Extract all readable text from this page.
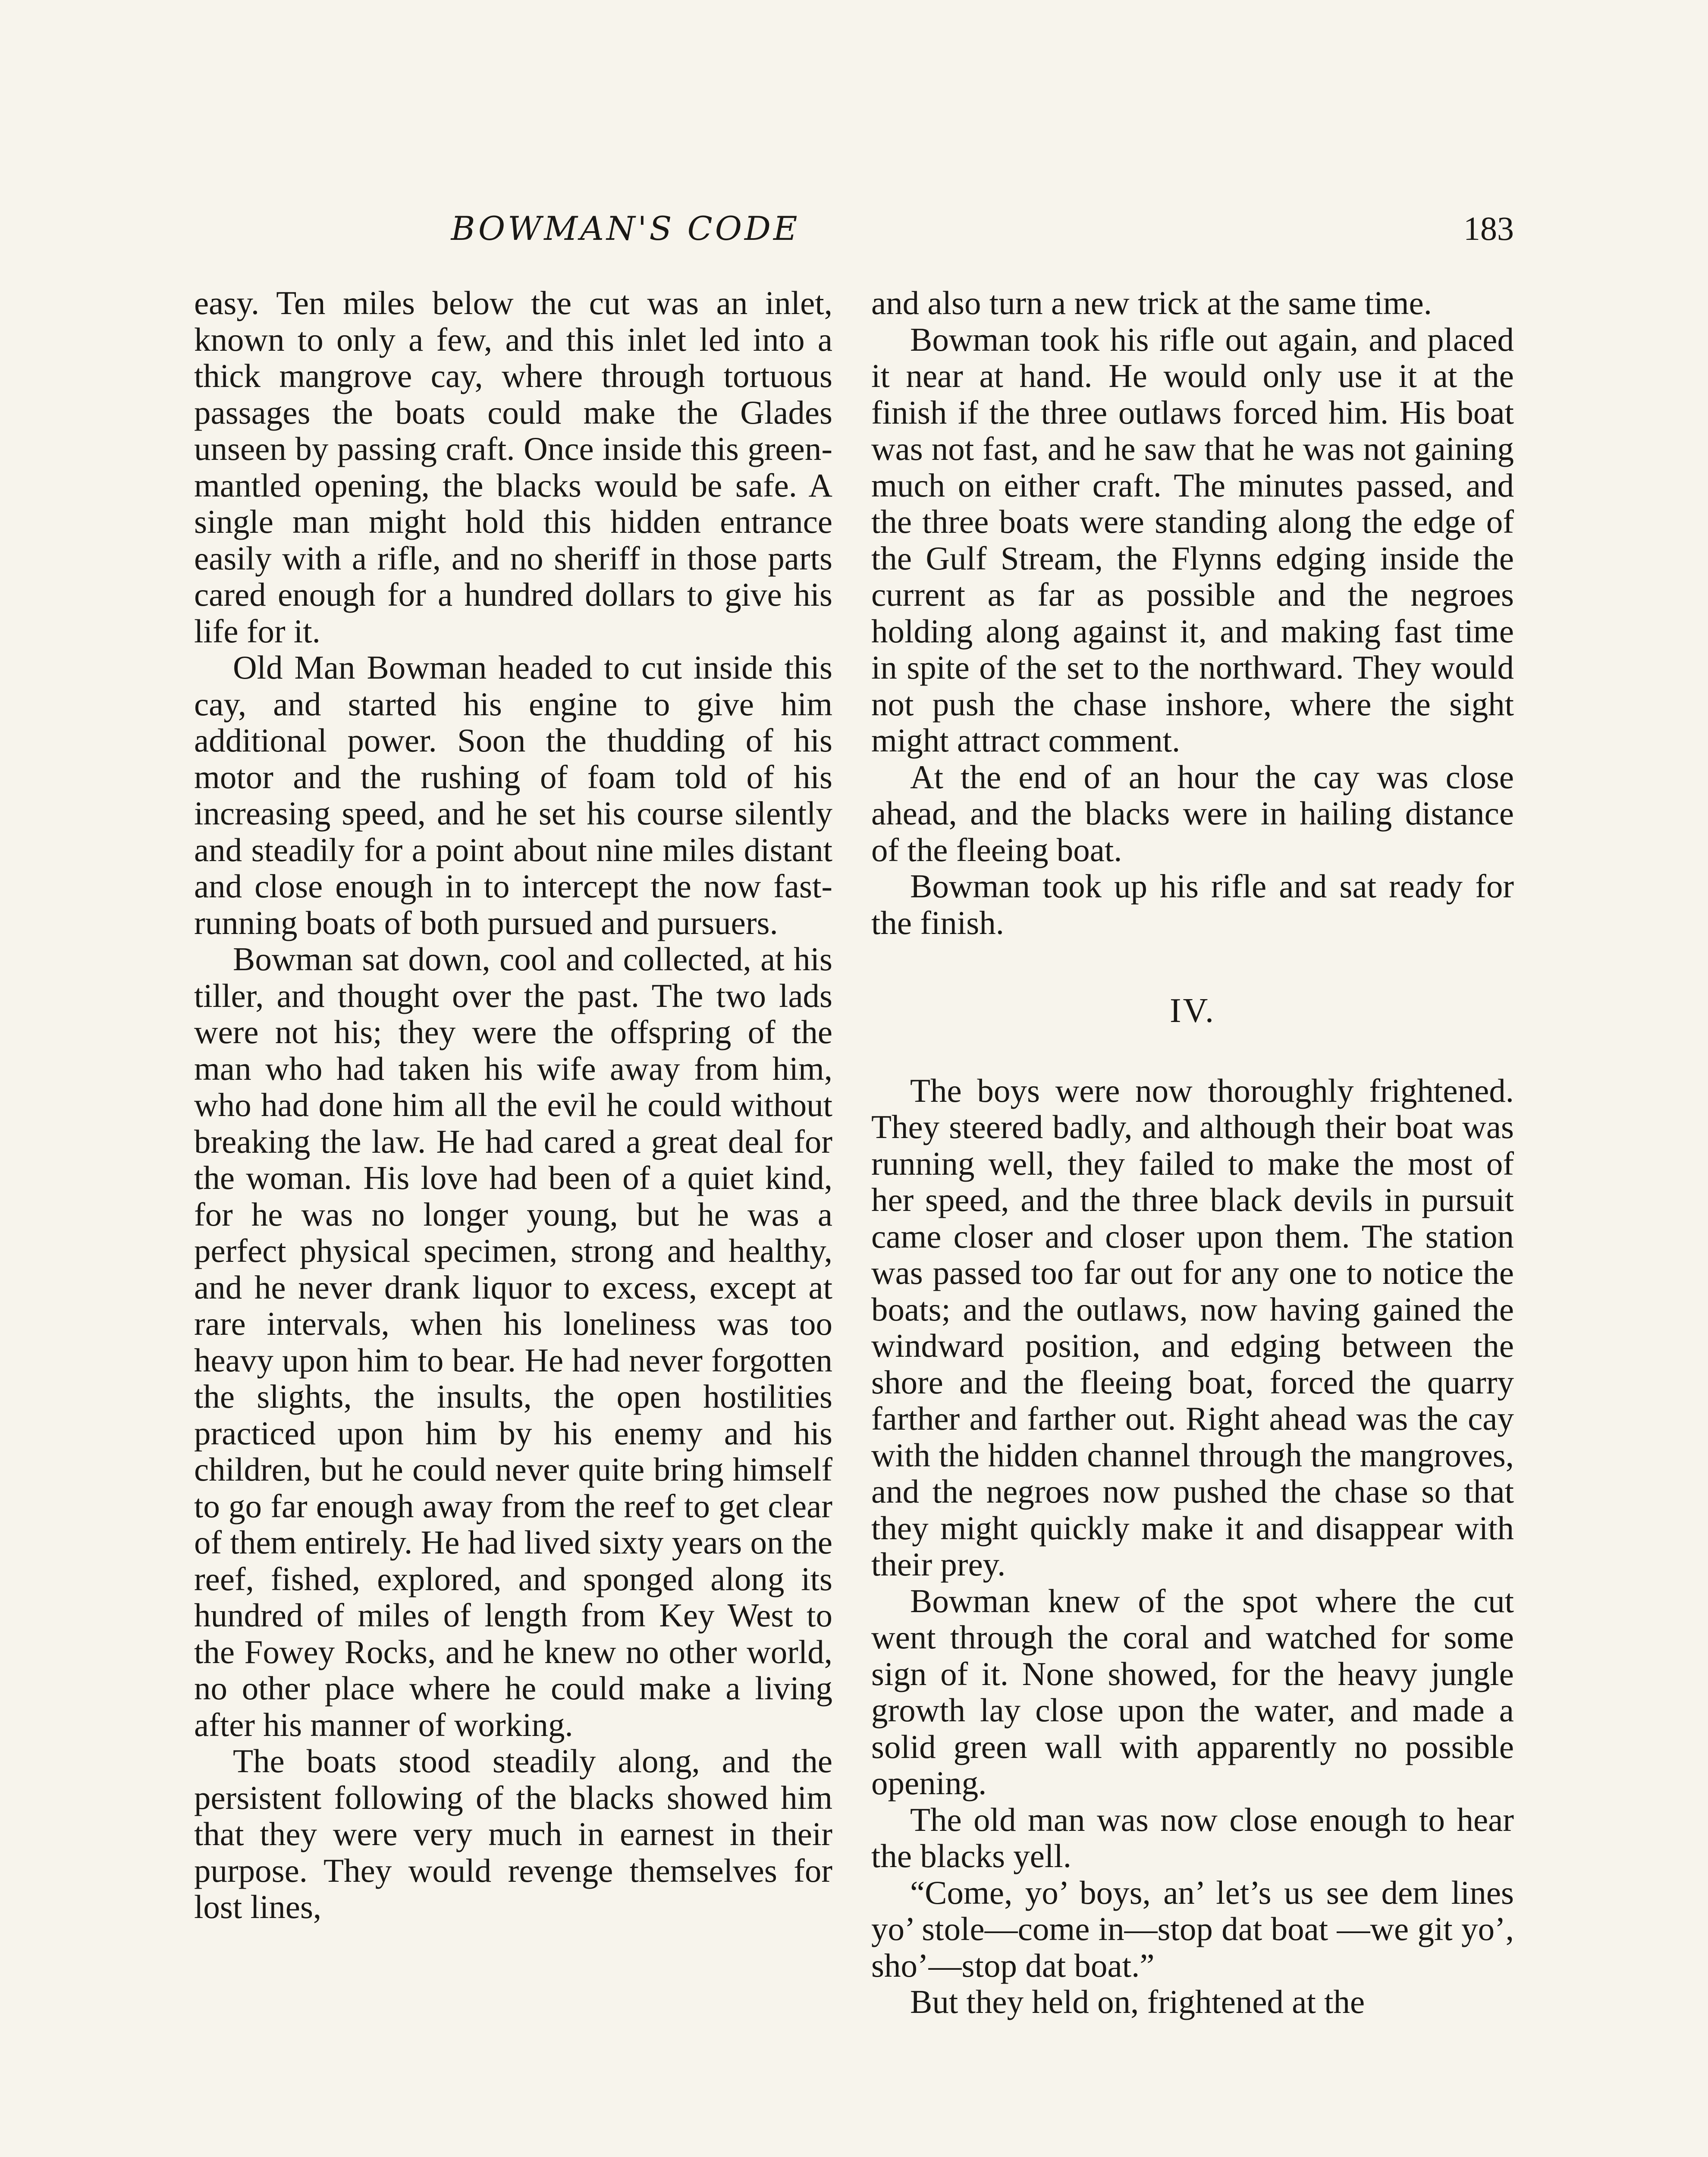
BOWMAN'S CODE	183

easy. Ten miles below the cut was an inlet, known to only a few, and this inlet led into a thick mangrove cay, where through tortuous passages the boats could make the Glades unseen by passing craft. Once inside this green-mantled opening, the blacks would be safe. A single man might hold this hidden entrance easily with a rifle, and no sheriff in those parts cared enough for a hundred dollars to give his life for it.

Old Man Bowman headed to cut inside this cay, and started his engine to give him additional power. Soon the thudding of his motor and the rushing of foam told of his increasing speed, and he set his course silently and steadily for a point about nine miles distant and close enough in to intercept the now fast-running boats of both pursued and pursuers.

Bowman sat down, cool and collected, at his tiller, and thought over the past. The two lads were not his; they were the offspring of the man who had taken his wife away from him, who had done him all the evil he could without breaking the law. He had cared a great deal for the woman. His love had been of a quiet kind, for he was no longer young, but he was a perfect physical specimen, strong and healthy, and he never drank liquor to excess, except at rare intervals, when his loneliness was too heavy upon him to bear. He had never forgotten the slights, the insults, the open hostilities practiced upon him by his enemy and his children, but he could never quite bring himself to go far enough away from the reef to get clear of them entirely. He had lived sixty years on the reef, fished, explored, and sponged along its hundred of miles of length from Key West to the Fowey Rocks, and he knew no other world, no other place where he could make a living after his manner of working.

The boats stood steadily along, and the persistent following of the blacks showed him that they were very much in earnest in their purpose. They would revenge themselves for lost lines,

and also turn a new trick at the same time.

Bowman took his rifle out again, and placed it near at hand. He would only use it at the finish if the three outlaws forced him. His boat was not fast, and he saw that he was not gaining much on either craft. The minutes passed, and the three boats were standing along the edge of the Gulf Stream, the Flynns edging inside the current as far as possible and the negroes holding along against it, and making fast time in spite of the set to the northward. They would not push the chase inshore, where the sight might attract comment.

At the end of an hour the cay was close ahead, and the blacks were in hailing distance of the fleeing boat.

Bowman took up his rifle and sat ready for the finish.

IV.

The boys were now thoroughly frightened. They steered badly, and although their boat was running well, they failed to make the most of her speed, and the three black devils in pursuit came closer and closer upon them. The station was passed too far out for any one to notice the boats; and the outlaws, now having gained the windward position, and edging between the shore and the fleeing boat, forced the quarry farther and farther out. Right ahead was the cay with the hidden channel through the mangroves, and the negroes now pushed the chase so that they might quickly make it and disappear with their prey.

Bowman knew of the spot where the cut went through the coral and watched for some sign of it. None showed, for the heavy jungle growth lay close upon the water, and made a solid green wall with apparently no possible opening.

The old man was now close enough to hear the blacks yell.

“Come, yo’ boys, an’ let’s us see dem lines yo’ stole—come in—stop dat boat —we git yo’, sho’—stop dat boat.”

But they held on, frightened at the
